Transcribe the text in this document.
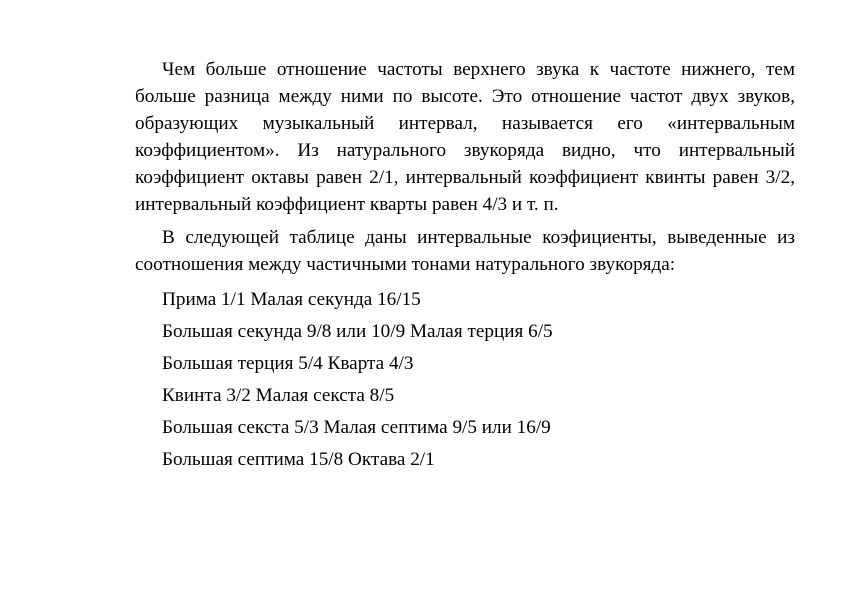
Чем больше отношение частоты верхнего звука к частоте нижнего, тем больше разница между ними по высоте. Это отношение частот двух звуков, образующих музыкальный интервал, называется его «интервальным коэффициентом». Из натурального звукоряда видно, что интервальный коэффициент октавы равен 2/1, интервальный коэффициент квинты равен 3/2, интервальный коэффициент кварты равен 4/3 и т. п.

В следующей таблице даны интервальные коэфициенты, выведенные из соотношения между частичными тонами натурального звукоряда:

Прима 1/1 Малая секунда 16/15
Большая секунда 9/8 или 10/9 Малая терция 6/5
Большая терция 5/4 Кварта 4/3
Квинта 3/2 Малая секста 8/5
Большая секста 5/3 Малая септима 9/5 или 16/9
Большая септима 15/8 Октава 2/1
